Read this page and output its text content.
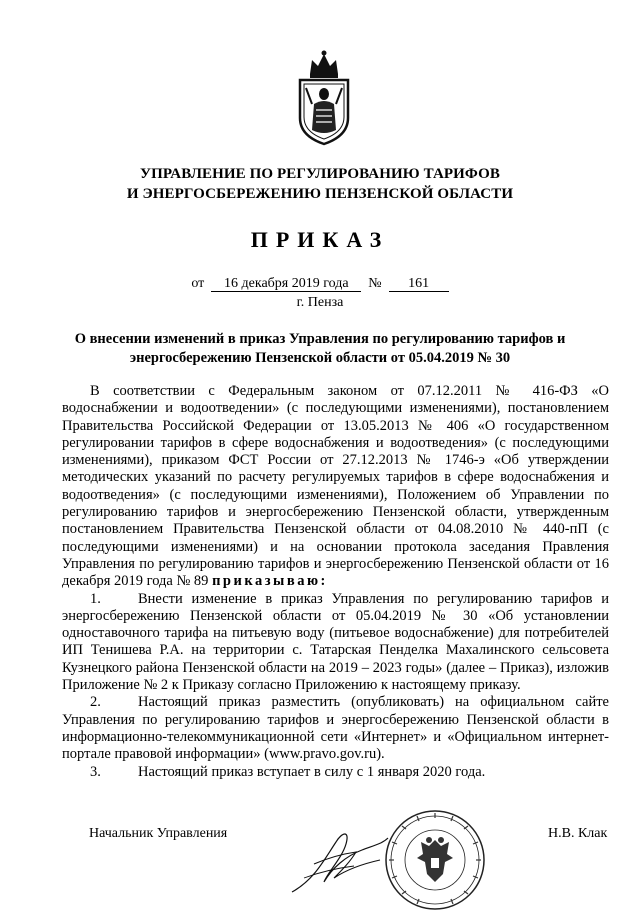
УПРАВЛЕНИЕ ПО РЕГУЛИРОВАНИЮ ТАРИФОВ
И ЭНЕРГОСБЕРЕЖЕНИЮ ПЕНЗЕНСКОЙ ОБЛАСТИ
ПРИКАЗ
от 16 декабря 2019 года № 161
г. Пенза
О внесении изменений в приказ Управления по регулированию тарифов и
энергосбережению Пензенской области от 05.04.2019 № 30

В соответствии с Федеральным законом от 07.12.2011 № 416-ФЗ «О водоснабжении и водоотведении» (с последующими изменениями), постановлением Правительства Российской Федерации от 13.05.2013 № 406 «О государственном регулировании тарифов в сфере водоснабжения и водоотведения» (с последующими изменениями), приказом ФСТ России от 27.12.2013 № 1746-э «Об утверждении методических указаний по расчету регулируемых тарифов в сфере водоснабжения и водоотведения» (с последующими изменениями), Положением об Управлении по регулированию тарифов и энергосбережению Пензенской области, утвержденным постановлением Правительства Пензенской области от 04.08.2010 № 440-пП (с последующими изменениями) и на основании протокола заседания Правления Управления по регулированию тарифов и энергосбережению Пензенской области от 16 декабря 2019 года № 89 приказываю:

1.	Внести изменение в приказ Управления по регулированию тарифов и энергосбережению Пензенской области от 05.04.2019 № 30 «Об установлении одноставочного тарифа на питьевую воду (питьевое водоснабжение) для потребителей ИП Тенишева Р.А. на территории с. Татарская Пенделка Махалинского сельсовета Кузнецкого района Пензенской области на 2019 – 2023 годы» (далее – Приказ), изложив Приложение № 2 к Приказу согласно Приложению к настоящему приказу.

2.	Настоящий приказ разместить (опубликовать) на официальном сайте Управления по регулированию тарифов и энергосбережению Пензенской области в информационно-телекоммуникационной сети «Интернет» и «Официальном интернет-портале правовой информации» (www.pravo.gov.ru).

3.	Настоящий приказ вступает в силу с 1 января 2020 года.

Начальник Управления	Н.В. Клак
